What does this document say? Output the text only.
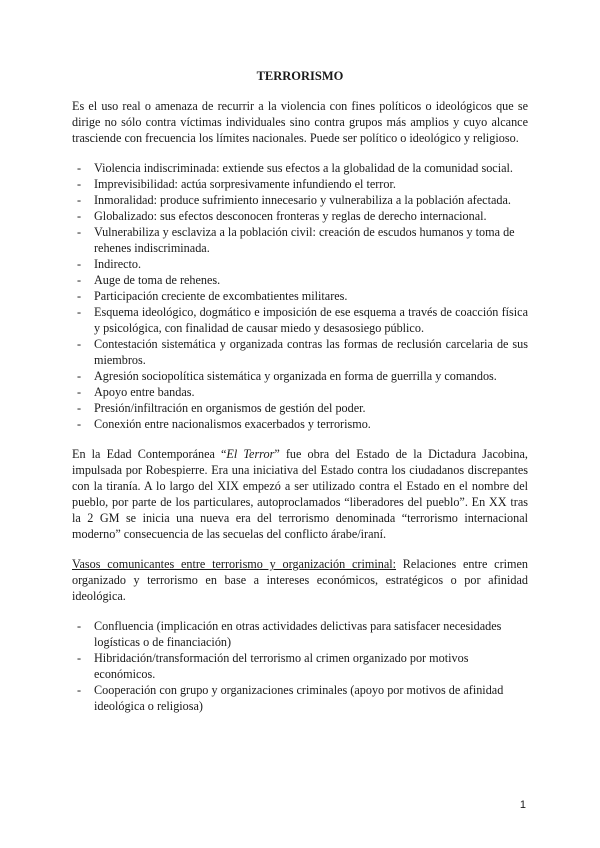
TERRORISMO

Es el uso real o amenaza de recurrir a la violencia con fines políticos o ideológicos que se dirige no sólo contra víctimas individuales sino contra grupos más amplios y cuyo alcance trasciende con frecuencia los límites nacionales. Puede ser político o ideológico y religioso.

- Violencia indiscriminada: extiende sus efectos a la globalidad de la comunidad social.
- Imprevisibilidad: actúa sorpresivamente infundiendo el terror.
- Inmoralidad: produce sufrimiento innecesario y vulnerabiliza a la población afectada.
- Globalizado: sus efectos desconocen fronteras y reglas de derecho internacional.
- Vulnerabiliza y esclaviza a la población civil: creación de escudos humanos y toma de rehenes indiscriminada.
- Indirecto.
- Auge de toma de rehenes.
- Participación creciente de excombatientes militares.
- Esquema ideológico, dogmático e imposición de ese esquema a través de coacción física y psicológica, con finalidad de causar miedo y desasosiego público.
- Contestación sistemática y organizada contras las formas de reclusión carcelaria de sus miembros.
- Agresión sociopolítica sistemática y organizada en forma de guerrilla y comandos.
- Apoyo entre bandas.
- Presión/infiltración en organismos de gestión del poder.
- Conexión entre nacionalismos exacerbados y terrorismo.

En la Edad Contemporánea “El Terror” fue obra del Estado de la Dictadura Jacobina, impulsada por Robespierre. Era una iniciativa del Estado contra los ciudadanos discrepantes con la tiranía. A lo largo del XIX empezó a ser utilizado contra el Estado en el nombre del pueblo, por parte de los particulares, autoproclamados “liberadores del pueblo”. En XX tras la 2 GM se inicia una nueva era del terrorismo denominada “terrorismo internacional moderno” consecuencia de las secuelas del conflicto árabe/iraní.

Vasos comunicantes entre terrorismo y organización criminal: Relaciones entre crimen organizado y terrorismo en base a intereses económicos, estratégicos o por afinidad ideológica.

- Confluencia (implicación en otras actividades delictivas para satisfacer necesidades logísticas o de financiación)
- Hibridación/transformación del terrorismo al crimen organizado por motivos económicos.
- Cooperación con grupo y organizaciones criminales (apoyo por motivos de afinidad ideológica o religiosa)
1
